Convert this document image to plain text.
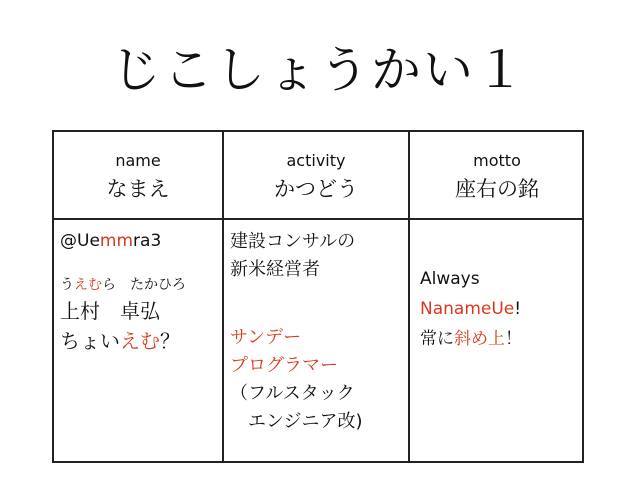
じこしょうかい１
name
なまえ
activity
かつどう
motto
座右の銘
@Uemmra3
うえむら　たかひろ
上村　卓弘
ちょいえむ？
建設コンサルの
新米経営者
サンデー
プログラマー
（フルスタック
　エンジニア改)
Always
NanameUe!
常に斜め上！
